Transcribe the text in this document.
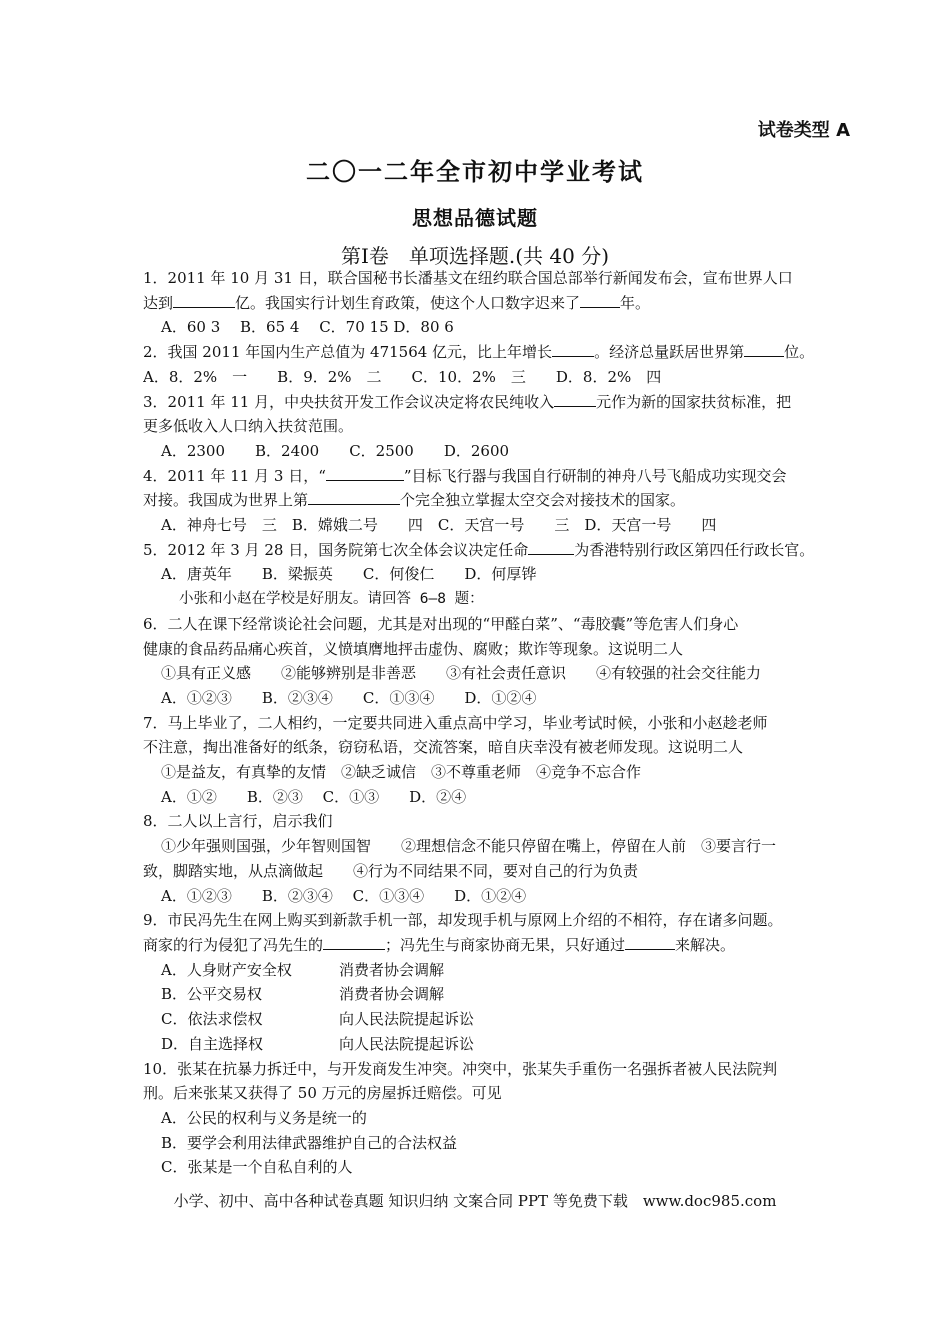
试卷类型 A
二〇一二年全市初中学业考试
思想品德试题
第Ⅰ卷　单项选择题.(共 40 分)
1．2011 年 10 月 31 日，联合国秘书长潘基文在纽约联合国总部举行新闻发布会，宣布世界人口
达到	亿。我国实行计划生育政策，使这个人口数字迟来了	年。
A．60 3　 B．65 4　 C．70 15 D．80 6
2．我国 2011 年国内生产总值为 471564 亿元，比上年增长	。经济总量跃居世界第	位。
A．8．2%　一　　B．9．2%　二　　C．10．2%　三　　D．8．2%　四
3．2011 年 11 月，中央扶贫开发工作会议决定将农民纯收入	元作为新的国家扶贫标准，把
更多低收入人口纳入扶贫范围。
A．2300　　B．2400　　C．2500　　D．2600
4．2011 年 11 月 3 日，“	”目标飞行器与我国自行研制的神舟八号飞船成功实现交会
对接。我国成为世界上第	个完全独立掌握太空交会对接技术的国家。
A．神舟七号　三　B．嫦娥二号　　四　C．天宫一号　　三　D．天宫一号　　四
5．2012 年 3 月 28 日，国务院第七次全体会议决定任命	为香港特别行政区第四任行政长官。
A．唐英年　　B．梁振英　　C．何俊仁　　D．何厚铧
小张和小赵在学校是好朋友。请回答 6—8 题：
6．二人在课下经常谈论社会问题，尤其是对出现的“甲醛白菜”、“毒胶囊”等危害人们身心
健康的食品药品痛心疾首，义愤填膺地抨击虚伪、腐败；欺诈等现象。这说明二人
①具有正义感　　②能够辨别是非善恶　　③有社会责任意识　　④有较强的社会交往能力
A．①②③　　B．②③④　　C．①③④　　D．①②④
7．马上毕业了，二人相约，一定要共同进入重点高中学习，毕业考试时候，小张和小赵趁老师
不注意，掏出准备好的纸条，窃窃私语，交流答案，暗自庆幸没有被老师发现。这说明二人
①是益友，有真挚的友情　②缺乏诚信　③不尊重老师　④竞争不忘合作
A．①②　　B．②③　 C．①③　　D．②④
8．二人以上言行，启示我们
①少年强则国强，少年智则国智　　②理想信念不能只停留在嘴上，停留在人前　③要言行一
致，脚踏实地，从点滴做起　　④行为不同结果不同，要对自己的行为负责
A．①②③　　B．②③④　 C．①③④　　D．①②④
9．市民冯先生在网上购买到新款手机一部，却发现手机与原网上介绍的不相符，存在诸多问题。
商家的行为侵犯了冯先生的	；冯先生与商家协商无果，只好通过	来解决。
A．人身财产安全权	消费者协会调解
B．公平交易权	消费者协会调解
C．依法求偿权	向人民法院提起诉讼
D．自主选择权	向人民法院提起诉讼
10．张某在抗暴力拆迁中，与开发商发生冲突。冲突中，张某失手重伤一名强拆者被人民法院判
刑。后来张某又获得了 50 万元的房屋拆迁赔偿。可见
A．公民的权利与义务是统一的
B．要学会利用法律武器维护自己的合法权益
C．张某是一个自私自利的人
小学、初中、高中各种试卷真题 知识归纳 文案合同 PPT 等免费下载　www.doc985.com
